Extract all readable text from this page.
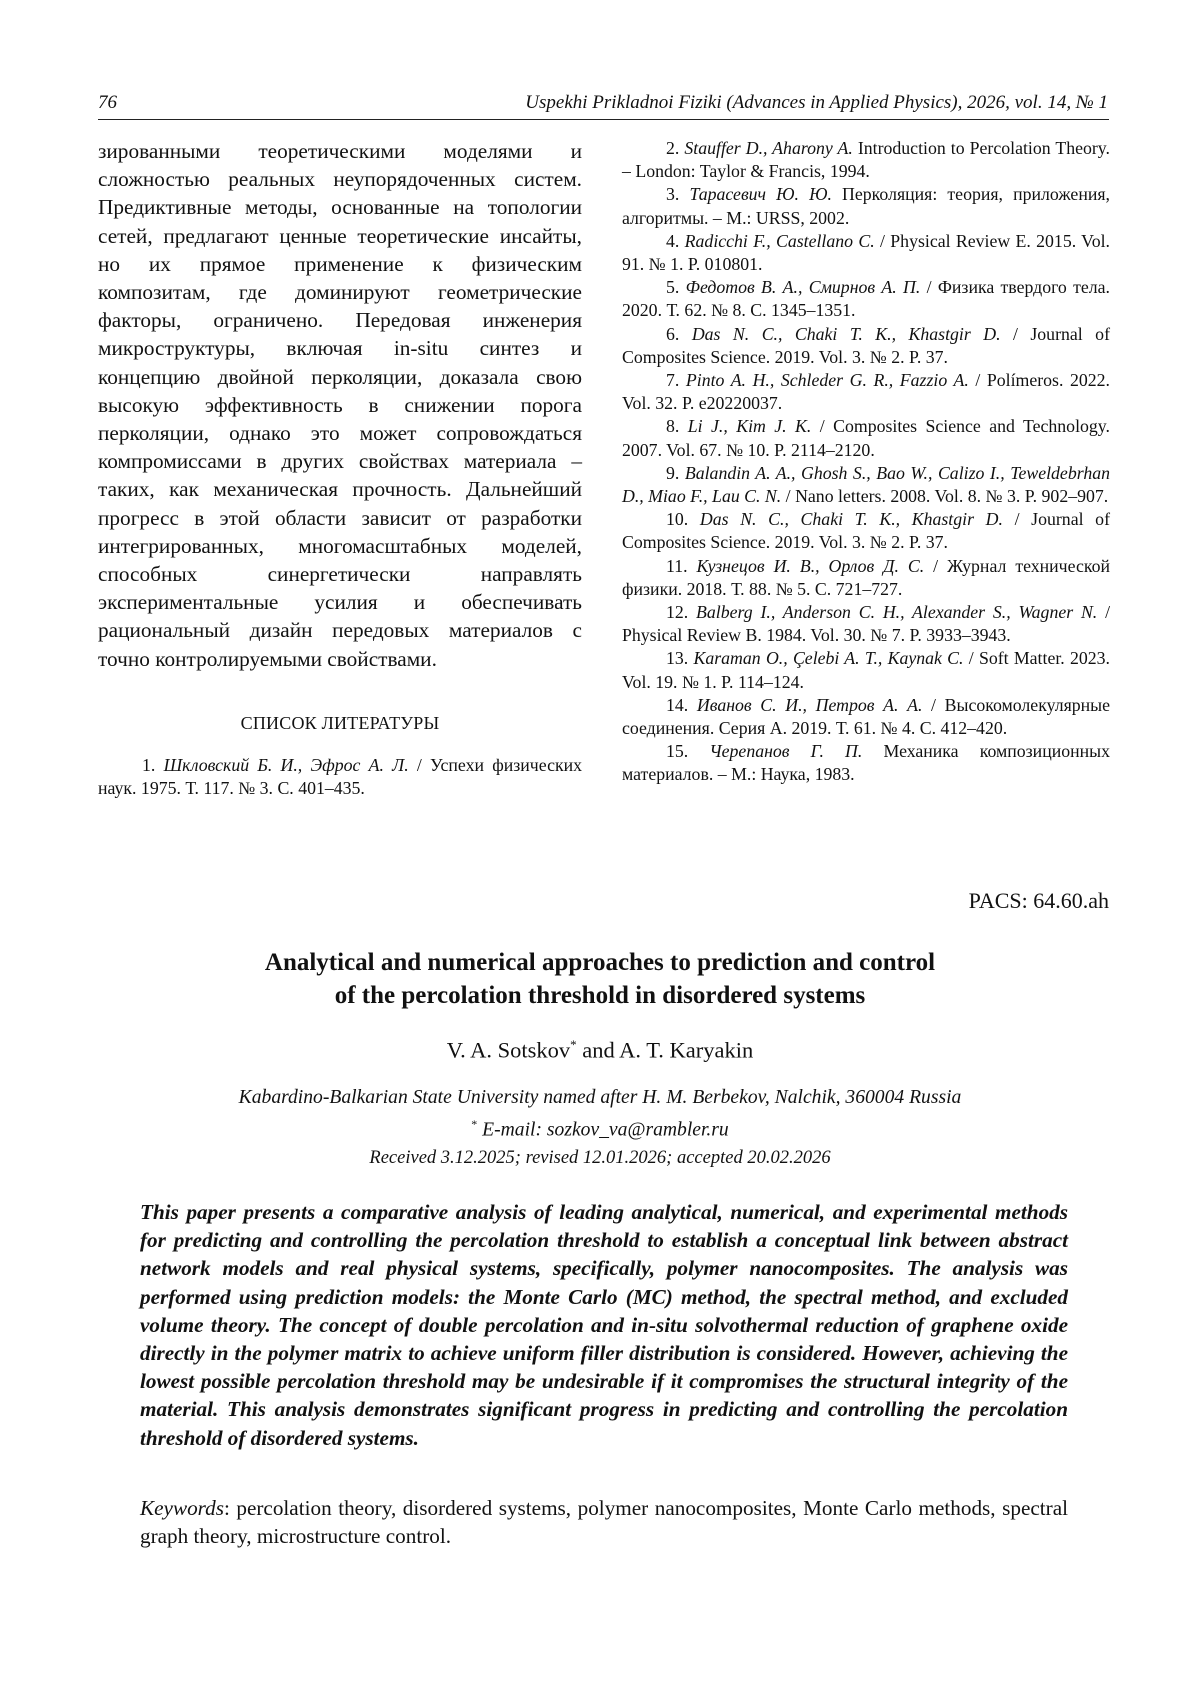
76	Uspekhi Prikladnoi Fiziki (Advances in Applied Physics), 2026, vol. 14, № 1

зированными теоретическими моделями и сложностью реальных неупорядоченных систем. Предиктивные методы, основанные на топологии сетей, предлагают ценные теоретические инсайты, но их прямое применение к физическим композитам, где доминируют геометрические факторы, ограничено. Передовая инженерия микроструктуры, включая in-situ синтез и концепцию двойной перколяции, доказала свою высокую эффективность в снижении порога перколяции, однако это может сопровождаться компромиссами в других свойствах материала – таких, как механическая прочность. Дальнейший прогресс в этой области зависит от разработки интегрированных, многомасштабных моделей, способных синергетически направлять экспериментальные усилия и обеспечивать рациональный дизайн передовых материалов с точно контролируемыми свойствами.

СПИСОК ЛИТЕРАТУРЫ

1. Шкловский Б. И., Эфрос А. Л. / Успехи физических наук. 1975. Т. 117. № 3. С. 401–435.

2. Stauffer D., Aharony A. Introduction to Percolation Theory. – London: Taylor & Francis, 1994.

3. Тарасевич Ю. Ю. Перколяция: теория, приложения, алгоритмы. – М.: URSS, 2002.

4. Radicchi F., Castellano C. / Physical Review E. 2015. Vol. 91. № 1. P. 010801.

5. Федотов В. А., Смирнов А. П. / Физика твердого тела. 2020. Т. 62. № 8. С. 1345–1351.

6. Das N. C., Chaki T. K., Khastgir D. / Journal of Composites Science. 2019. Vol. 3. № 2. P. 37.

7. Pinto A. H., Schleder G. R., Fazzio A. / Polímeros. 2022. Vol. 32. P. e20220037.

8. Li J., Kim J. K. / Composites Science and Technology. 2007. Vol. 67. № 10. P. 2114–2120.

9. Balandin A. A., Ghosh S., Bao W., Calizo I., Teweldebrhan D., Miao F., Lau C. N. / Nano letters. 2008. Vol. 8. № 3. P. 902–907.

10. Das N. C., Chaki T. K., Khastgir D. / Journal of Composites Science. 2019. Vol. 3. № 2. P. 37.

11. Кузнецов И. В., Орлов Д. С. / Журнал технической физики. 2018. Т. 88. № 5. С. 721–727.

12. Balberg I., Anderson C. H., Alexander S., Wagner N. / Physical Review B. 1984. Vol. 30. № 7. P. 3933–3943.

13. Karaman O., Çelebi A. T., Kaynak C. / Soft Matter. 2023. Vol. 19. № 1. P. 114–124.

14. Иванов С. И., Петров А. А. / Высокомолекулярные соединения. Серия А. 2019. Т. 61. № 4. С. 412–420.

15. Черепанов Г. П. Механика композиционных материалов. – М.: Наука, 1983.

PACS: 64.60.ah
Analytical and numerical approaches to prediction and control
of the percolation threshold in disordered systems
V. A. Sotskov* and A. T. Karyakin
Kabardino-Balkarian State University named after H. M. Berbekov, Nalchik, 360004 Russia
* E-mail: sozkov_va@rambler.ru
Received 3.12.2025; revised 12.01.2026; accepted 20.02.2026

This paper presents a comparative analysis of leading analytical, numerical, and experimental methods for predicting and controlling the percolation threshold to establish a conceptual link between abstract network models and real physical systems, specifically, polymer nanocomposites. The analysis was performed using prediction models: the Monte Carlo (MC) method, the spectral method, and excluded volume theory. The concept of double percolation and in-situ solvothermal reduction of graphene oxide directly in the polymer matrix to achieve uniform filler distribution is considered. However, achieving the lowest possible percolation threshold may be undesirable if it compromises the structural integrity of the material. This analysis demonstrates significant progress in predicting and controlling the percolation threshold of disordered systems.

Keywords: percolation theory, disordered systems, polymer nanocomposites, Monte Carlo methods, spectral graph theory, microstructure control.
